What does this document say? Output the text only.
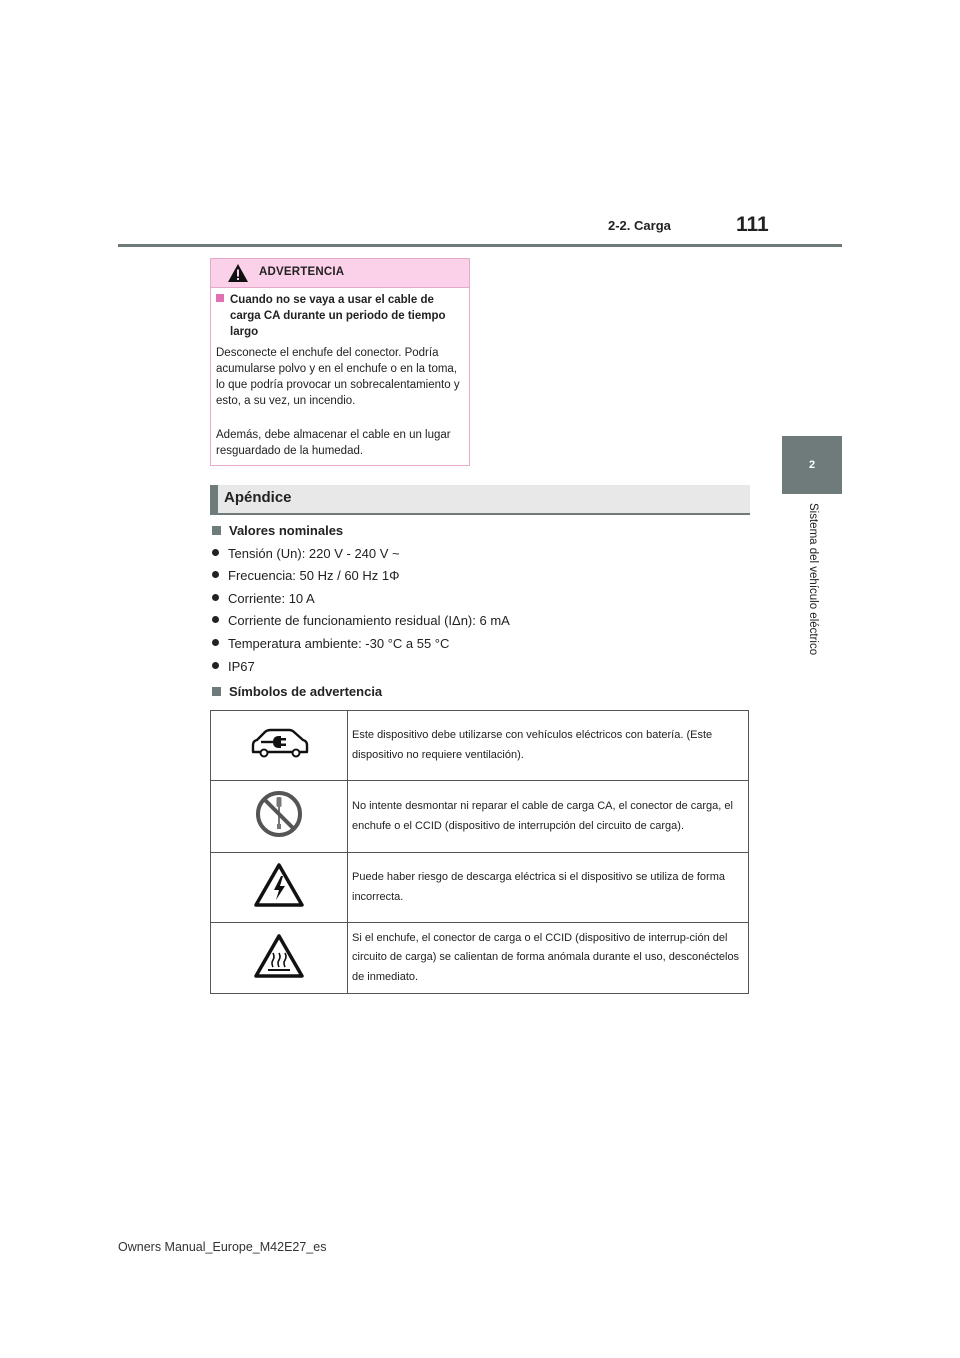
2-2. Carga	111
2
Sistema del vehículo eléctrico
ADVERTENCIA
Cuando no se vaya a usar el cable de carga CA durante un periodo de tiempo largo
Desconecte el enchufe del conector. Podría acumularse polvo y en el enchufe o en la toma, lo que podría provocar un sobrecalentamiento y esto, a su vez, un incendio.
Además, debe almacenar el cable en un lugar resguardado de la humedad.
Apéndice
Valores nominales
Tensión (Un): 220 V - 240 V ~
Frecuencia: 50 Hz / 60 Hz 1Φ
Corriente: 10 A
Corriente de funcionamiento residual (IΔn): 6 mA
Temperatura ambiente: -30 °C a 55 °C
IP67
Símbolos de advertencia
	Este dispositivo debe utilizarse con vehículos eléctricos con batería. (Este dispositivo no requiere ventilación).
	No intente desmontar ni reparar el cable de carga CA, el conector de carga, el enchufe o el CCID (dispositivo de interrupción del circuito de carga).
	Puede haber riesgo de descarga eléctrica si el dispositivo se utiliza de forma incorrecta.
	Si el enchufe, el conector de carga o el CCID (dispositivo de interrup-ción del circuito de carga) se calientan de forma anómala durante el uso, desconéctelos de inmediato.
Owners Manual_Europe_M42E27_es
